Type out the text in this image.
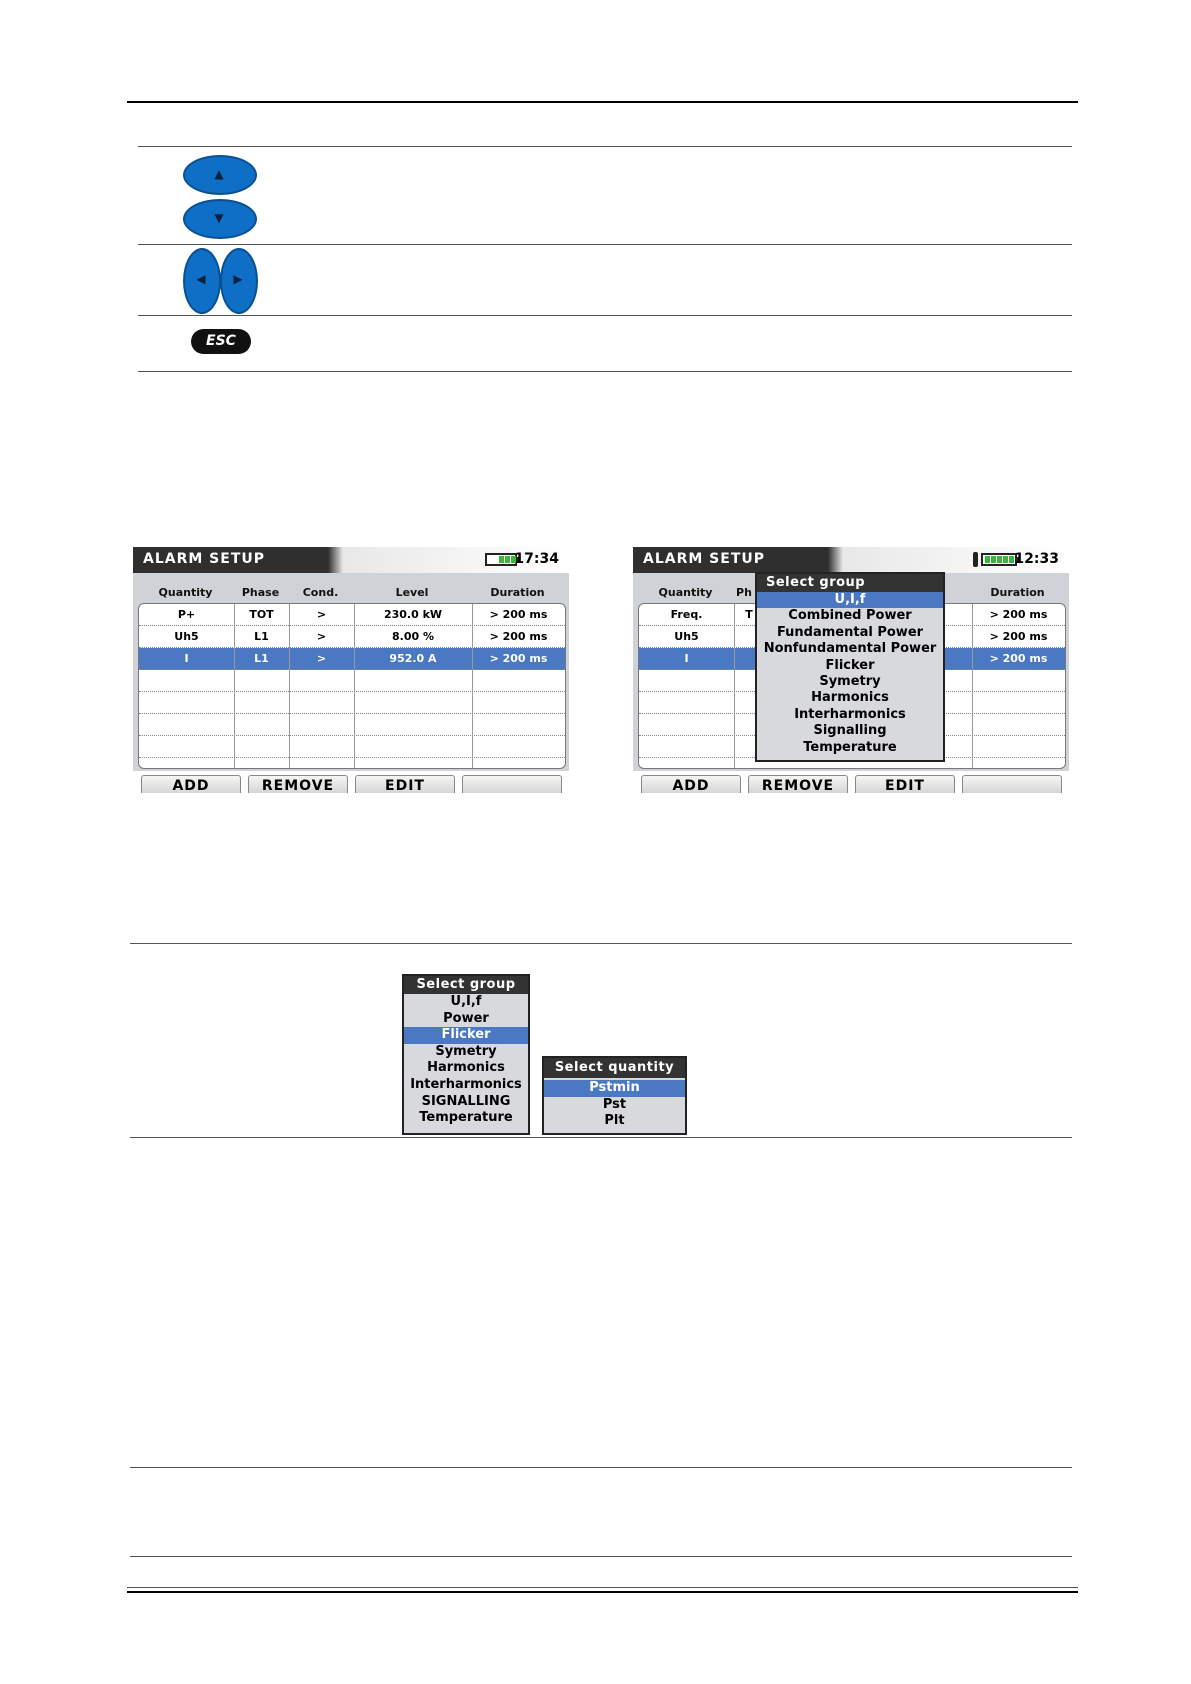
▲
▼
◀ ▶
ESC
ALARM SETUP	17:34
Quantity	Phase	Cond.	Level	Duration
P+	TOT	>	230.0 kW	> 200 ms
Uh5	L1	>	8.00 %	> 200 ms
I	L1	>	952.0 A	> 200 ms
ADD	REMOVE	EDIT
ALARM SETUP	12:33
Quantity	Ph	Duration
Freq.	T	> 200 ms
Uh5	> 200 ms
I	> 200 ms
Select group
U,I,f
Combined Power
Fundamental Power
Nonfundamental Power
Flicker
Symetry
Harmonics
Interharmonics
Signalling
Temperature
ADD	REMOVE	EDIT
Select group
U,I,f
Power
Flicker
Symetry
Harmonics
Interharmonics
SIGNALLING
Temperature
Select quantity
Pstmin
Pst
Plt
